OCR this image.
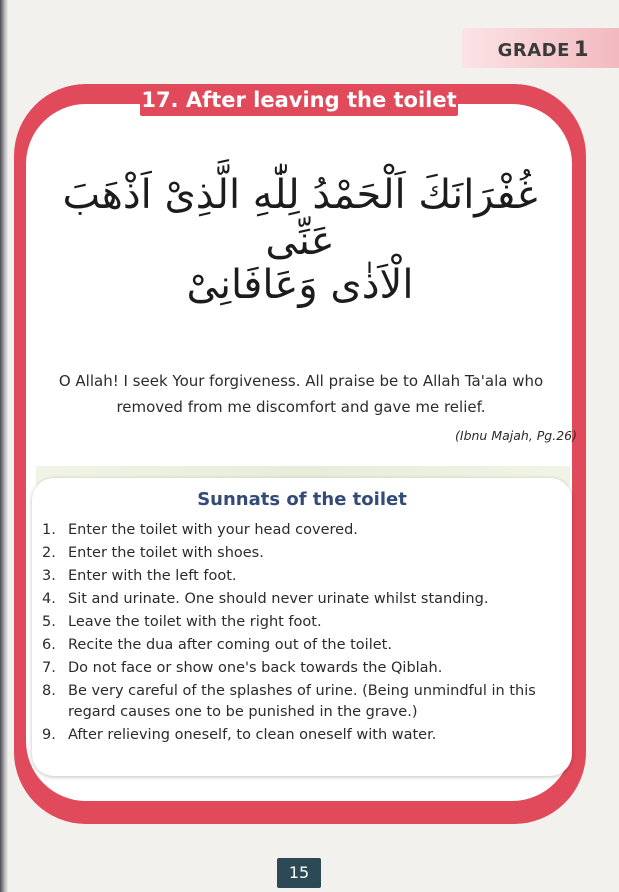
GRADE 1
17. After leaving the toilet
غُفْرَانَكَ اَلْحَمْدُ لِلّٰهِ الَّذِىْ اَذْهَبَ عَنِّى
الْاَذٰى وَعَافَانِىْ
O Allah! I seek Your forgiveness. All praise be to Allah Ta'ala who removed from me discomfort and gave me relief.
(Ibnu Majah, Pg.26)
Sunnats of the toilet
1. Enter the toilet with your head covered.
2. Enter the toilet with shoes.
3. Enter with the left foot.
4. Sit and urinate. One should never urinate whilst standing.
5. Leave the toilet with the right foot.
6. Recite the dua after coming out of the toilet.
7. Do not face or show one's back towards the Qiblah.
8. Be very careful of the splashes of urine. (Being unmindful in this regard causes one to be punished in the grave.)
9. After relieving oneself, to clean oneself with water.
15
